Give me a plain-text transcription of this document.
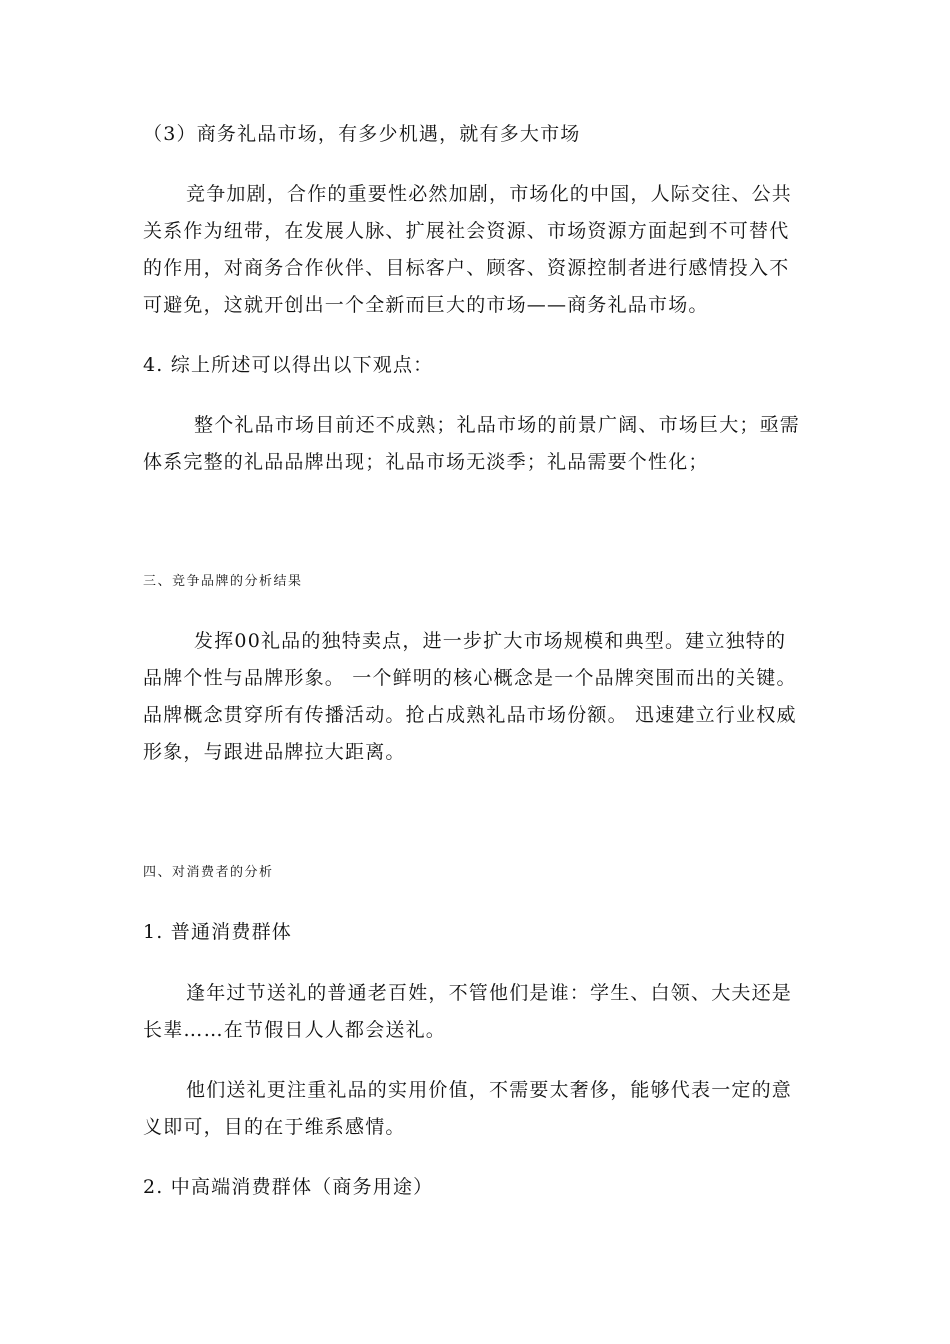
（3）商务礼品市场，有多少机遇，就有多大市场
竞争加剧，合作的重要性必然加剧，市场化的中国，人际交往、公共
关系作为纽带，在发展人脉、扩展社会资源、市场资源方面起到不可替代
的作用，对商务合作伙伴、目标客户、顾客、资源控制者进行感情投入不
可避免，这就开创出一个全新而巨大的市场——商务礼品市场。
4. 综上所述可以得出以下观点：
整个礼品市场目前还不成熟；礼品市场的前景广阔、市场巨大；亟需
体系完整的礼品品牌出现；礼品市场无淡季；礼品需要个性化；
三、竞争品牌的分析结果
发挥00礼品的独特卖点，进一步扩大市场规模和典型。建立独特的
品牌个性与品牌形象。 一个鲜明的核心概念是一个品牌突围而出的关键。
品牌概念贯穿所有传播活动。抢占成熟礼品市场份额。 迅速建立行业权威
形象，与跟进品牌拉大距离。
四、对消费者的分析
1. 普通消费群体
逢年过节送礼的普通老百姓，不管他们是谁：学生、白领、大夫还是
长辈……在节假日人人都会送礼。
他们送礼更注重礼品的实用价值，不需要太奢侈，能够代表一定的意
义即可，目的在于维系感情。
2. 中高端消费群体（商务用途）
